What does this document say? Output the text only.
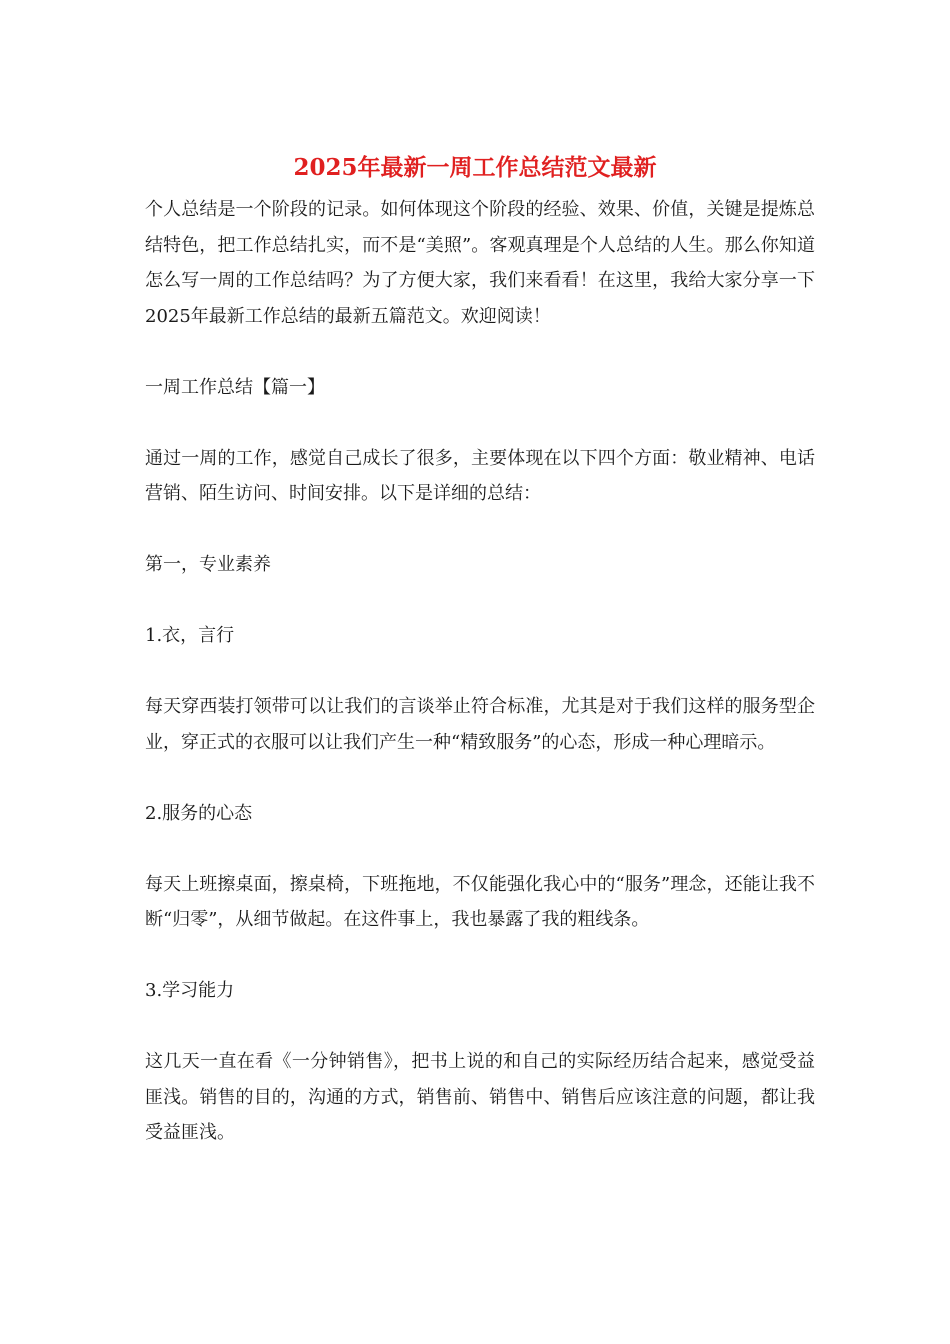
2025年最新一周工作总结范文最新

个人总结是一个阶段的记录。如何体现这个阶段的经验、效果、价值，关键是提炼总结特色，把工作总结扎实，而不是“美照”。客观真理是个人总结的人生。那么你知道怎么写一周的工作总结吗？为了方便大家，我们来看看！在这里，我给大家分享一下2025年最新工作总结的最新五篇范文。欢迎阅读！

一周工作总结【篇一】

通过一周的工作，感觉自己成长了很多，主要体现在以下四个方面：敬业精神、电话营销、陌生访问、时间安排。以下是详细的总结：

第一，专业素养

1.衣，言行

每天穿西装打领带可以让我们的言谈举止符合标准，尤其是对于我们这样的服务型企业，穿正式的衣服可以让我们产生一种“精致服务”的心态，形成一种心理暗示。

2.服务的心态

每天上班擦桌面，擦桌椅，下班拖地，不仅能强化我心中的“服务”理念，还能让我不断“归零”，从细节做起。在这件事上，我也暴露了我的粗线条。

3.学习能力

这几天一直在看《一分钟销售》，把书上说的和自己的实际经历结合起来，感觉受益匪浅。销售的目的，沟通的方式，销售前、销售中、销售后应该注意的问题，都让我受益匪浅。
